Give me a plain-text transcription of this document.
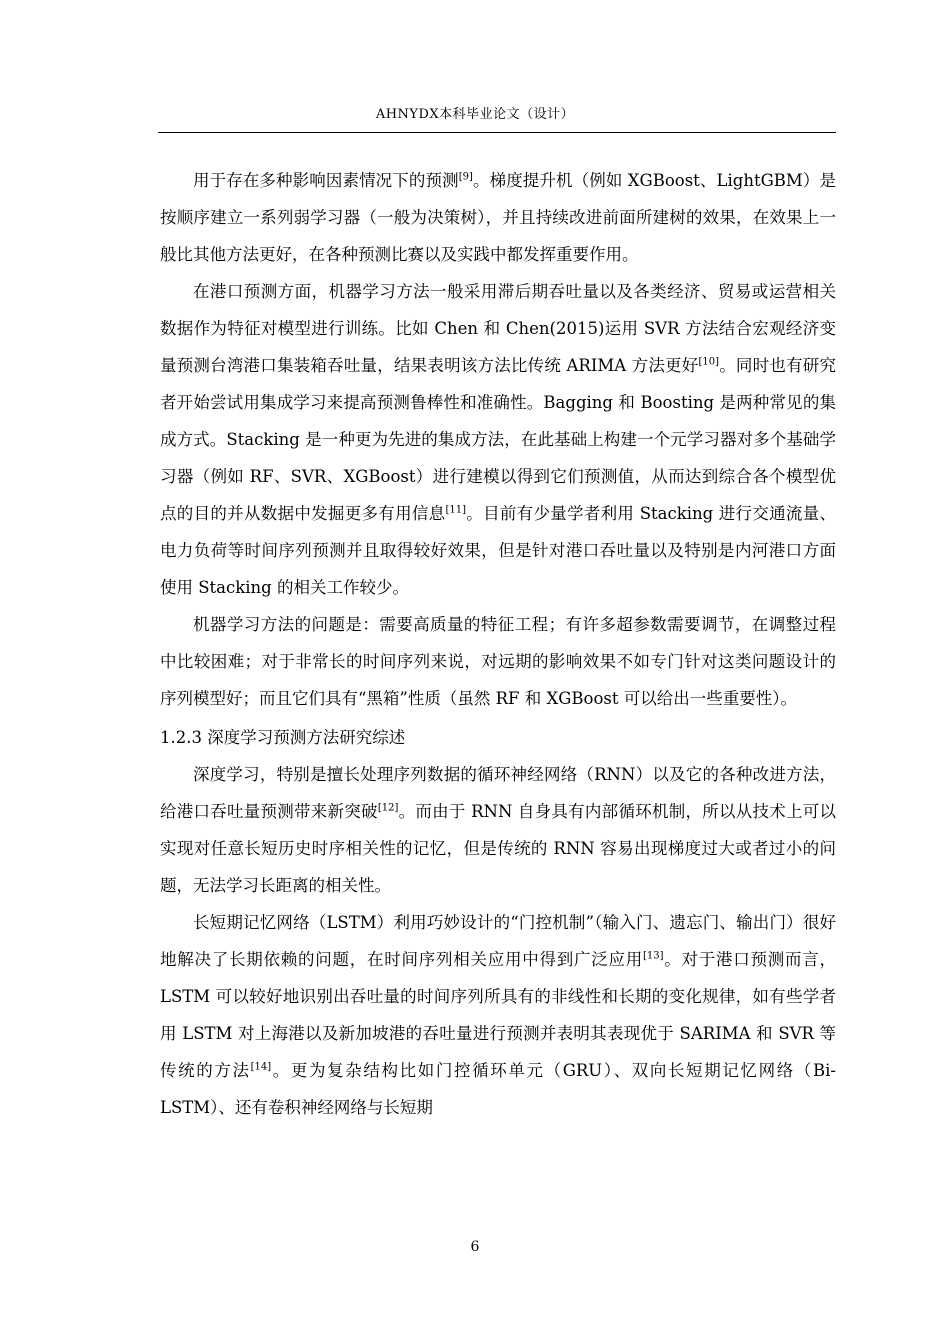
AHNYDX本科毕业论文（设计）

用于存在多种影响因素情况下的预测[9]。梯度提升机（例如 XGBoost、LightGBM）是按顺序建立一系列弱学习器（一般为决策树），并且持续改进前面所建树的效果，在效果上一般比其他方法更好，在各种预测比赛以及实践中都发挥重要作用。

在港口预测方面，机器学习方法一般采用滞后期吞吐量以及各类经济、贸易或运营相关数据作为特征对模型进行训练。比如 Chen 和 Chen(2015)运用 SVR 方法结合宏观经济变量预测台湾港口集装箱吞吐量，结果表明该方法比传统 ARIMA 方法更好[10]。同时也有研究者开始尝试用集成学习来提高预测鲁棒性和准确性。Bagging 和 Boosting 是两种常见的集成方式。Stacking 是一种更为先进的集成方法，在此基础上构建一个元学习器对多个基础学习器（例如 RF、SVR、XGBoost）进行建模以得到它们预测值，从而达到综合各个模型优点的目的并从数据中发掘更多有用信息[11]。目前有少量学者利用 Stacking 进行交通流量、电力负荷等时间序列预测并且取得较好效果，但是针对港口吞吐量以及特别是内河港口方面使用 Stacking 的相关工作较少。

机器学习方法的问题是：需要高质量的特征工程；有许多超参数需要调节，在调整过程中比较困难；对于非常长的时间序列来说，对远期的影响效果不如专门针对这类问题设计的序列模型好；而且它们具有“黑箱”性质（虽然 RF 和 XGBoost 可以给出一些重要性）。

1.2.3 深度学习预测方法研究综述

深度学习，特别是擅长处理序列数据的循环神经网络（RNN）以及它的各种改进方法，给港口吞吐量预测带来新突破[12]。而由于 RNN 自身具有内部循环机制，所以从技术上可以实现对任意长短历史时序相关性的记忆，但是传统的 RNN 容易出现梯度过大或者过小的问题，无法学习长距离的相关性。

长短期记忆网络（LSTM）利用巧妙设计的“门控机制”（输入门、遗忘门、输出门）很好地解决了长期依赖的问题，在时间序列相关应用中得到广泛应用[13]。对于港口预测而言，LSTM 可以较好地识别出吞吐量的时间序列所具有的非线性和长期的变化规律，如有些学者用 LSTM 对上海港以及新加坡港的吞吐量进行预测并表明其表现优于 SARIMA 和 SVR 等传统的方法[14]。更为复杂结构比如门控循环单元（GRU）、双向长短期记忆网络（Bi-LSTM）、还有卷积神经网络与长短期

6
